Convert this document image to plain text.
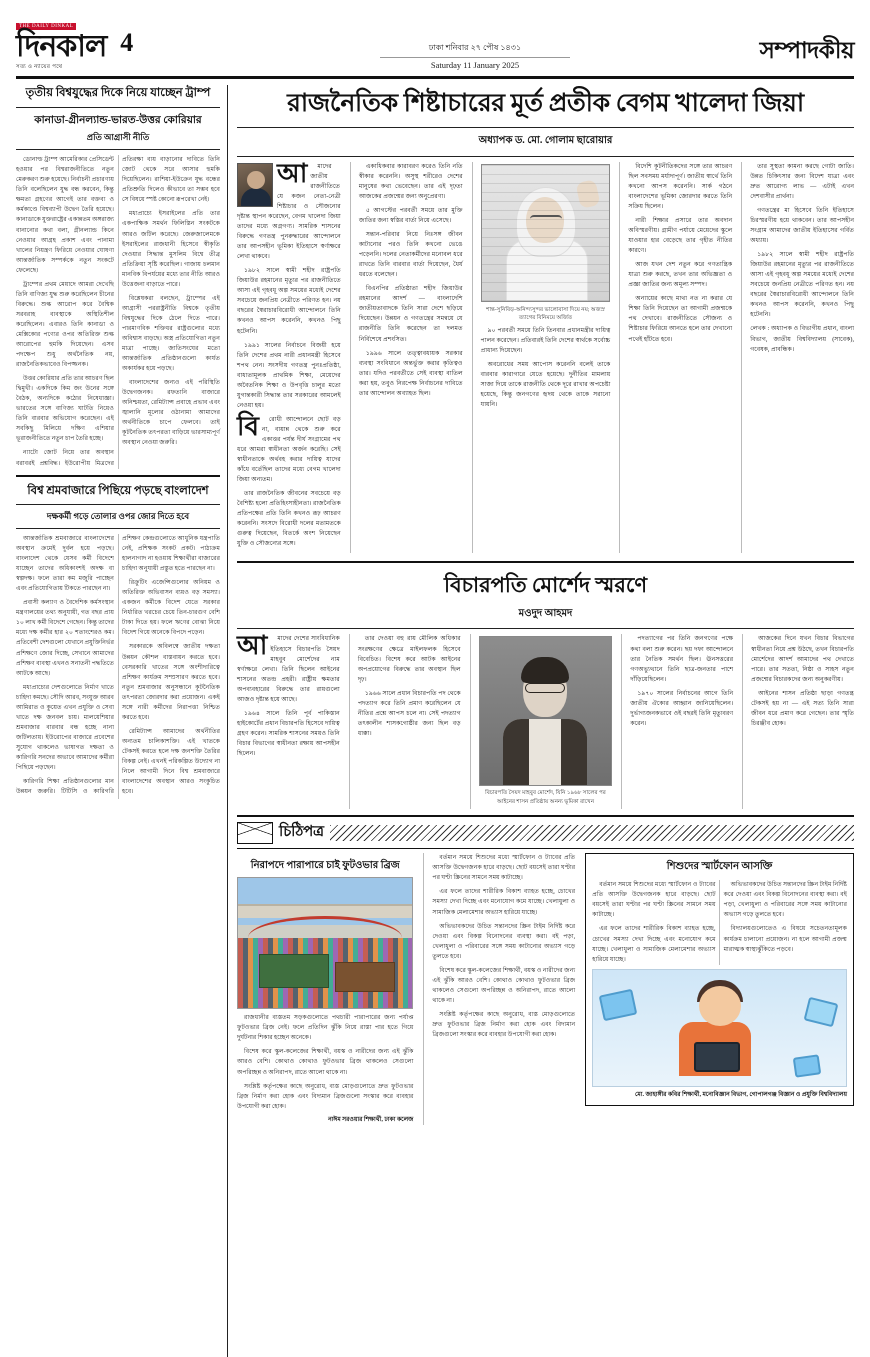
THE DAILY DINKAL
দিনকাল
সত্য ও ন্যায়ের পথে
4	ঢাকা শনিবার ২৭ পৌষ ১৪৩১
Saturday 11 January 2025
সম্পাদকীয়
তৃতীয় বিশ্বযুদ্ধের দিকে নিয়ে যাচ্ছেন ট্রাম্প
কানাডা-গ্রীনল্যান্ড-ভারত-উত্তর কোরিয়ার
প্রতি আগ্রাসী নীতি

ডোনাল্ড ট্রাম্প আমেরিকার প্রেসিডেন্ট হওয়ার পর বিশ্বরাজনীতিতে নতুন মেরুকরণ শুরু হয়েছে। নির্বাচনী প্রচারণায় তিনি বলেছিলেন যুদ্ধ বন্ধ করবেন, কিন্তু ক্ষমতা গ্রহণের আগেই তার বক্তব্য ও কর্মকাণ্ডে বিশ্বব্যাপী উদ্বেগ তৈরি হয়েছে। কানাডাকে যুক্তরাষ্ট্রের একান্নতম অঙ্গরাজ্য বানানোর কথা বলা, গ্রীনল্যান্ড কিনে নেওয়ার আগ্রহ প্রকাশ এবং পানামা খালের নিয়ন্ত্রণ ফিরিয়ে নেওয়ার ঘোষণা আন্তর্জাতিক সম্পর্ককে নতুন সংকটে ফেলেছে।

ট্রাম্পের প্রথম মেয়াদে আমরা দেখেছি তিনি বাণিজ্য যুদ্ধ শুরু করেছিলেন চীনের বিরুদ্ধে। শুল্ক আরোপ করে বৈশ্বিক সরবরাহ ব্যবস্থাকে অস্থিতিশীল করেছিলেন। এবারও তিনি কানাডা ও মেক্সিকোর পণ্যের ওপর অতিরিক্ত শুল্ক আরোপের হুমকি দিয়েছেন। এসব পদক্ষেপ শুধু অর্থনৈতিক নয়, রাজনৈতিকভাবেও বিপজ্জনক।

উত্তর কোরিয়ার প্রতি তার আচরণ ছিল দ্বিমুখী। একদিকে কিম জং উনের সঙ্গে বৈঠক, অন্যদিকে কঠোর নিষেধাজ্ঞা। ভারতের সঙ্গে বাণিজ্য ঘাটতি নিয়েও তিনি বারবার অভিযোগ করেছেন। এই সবকিছু মিলিয়ে দক্ষিণ এশিয়ার ভূরাজনীতিতে নতুন চাপ তৈরি হচ্ছে।

ন্যাটো জোট নিয়ে তার অবস্থান বরাবরই প্রশ্নবিদ্ধ। ইউরোপীয় মিত্রদের প্রতিরক্ষা ব্যয় বাড়ানোর দাবিতে তিনি জোট থেকে সরে আসার হুমকি দিয়েছিলেন। রাশিয়া-ইউক্রেন যুদ্ধ বন্ধের প্রতিশ্রুতি দিলেও কীভাবে তা সম্ভব হবে সে বিষয়ে স্পষ্ট কোনো রূপরেখা নেই।

মধ্যপ্রাচ্যে ইসরাইলের প্রতি তার একপাক্ষিক সমর্থন ফিলিস্তিন সংকটকে আরও জটিল করেছে। জেরুজালেমকে ইসরাইলের রাজধানী হিসেবে স্বীকৃতি দেওয়ার সিদ্ধান্ত মুসলিম বিশ্বে তীব্র প্রতিক্রিয়া সৃষ্টি করেছিল। গাজায় চলমান মানবিক বিপর্যয়ের মধ্যে তার নীতি আরও উত্তেজনা বাড়াতে পারে।

বিশ্লেষকরা বলছেন, ট্রাম্পের এই আগ্রাসী পররাষ্ট্রনীতি বিশ্বকে তৃতীয় বিশ্বযুদ্ধের দিকে ঠেলে দিতে পারে। পারমাণবিক শক্তিধর রাষ্ট্রগুলোর মধ্যে অবিশ্বাস বাড়ছে। অস্ত্র প্রতিযোগিতা নতুন মাত্রা পাচ্ছে। জাতিসংঘের মতো আন্তর্জাতিক প্রতিষ্ঠানগুলো কার্যত অকার্যকর হয়ে পড়ছে।

বাংলাদেশের জন্যও এই পরিস্থিতি উদ্বেগজনক। রফতানি বাজারে অনিশ্চয়তা, রেমিট্যান্স প্রবাহে প্রভাব এবং জ্বালানি মূল্যের ওঠানামা আমাদের অর্থনীতিকে চাপে ফেলবে। তাই কূটনৈতিক তৎপরতা বাড়িয়ে ভারসাম্যপূর্ণ অবস্থান নেওয়া জরুরি।

বিশ্ব শ্রমবাজারে পিছিয়ে পড়ছে বাংলাদেশ
দক্ষকর্মী গড়ে তোলার ওপর জোর দিতে হবে

আন্তর্জাতিক শ্রমবাজারে বাংলাদেশের অবস্থান ক্রমেই দুর্বল হয়ে পড়ছে। বাংলাদেশ থেকে যেসব কর্মী বিদেশে যাচ্ছেন তাদের অধিকাংশই অদক্ষ বা স্বল্পদক্ষ। ফলে তারা কম মজুরি পাচ্ছেন এবং প্রতিযোগিতায় টিকতে পারছেন না।

প্রবাসী কল্যাণ ও বৈদেশিক কর্মসংস্থান মন্ত্রণালয়ের তথ্য অনুযায়ী, গত বছর প্রায় ১০ লাখ কর্মী বিদেশে গেছেন। কিন্তু তাদের মধ্যে দক্ষ কর্মীর হার ২০ শতাংশেরও কম। প্রতিবেশী দেশগুলো যেখানে প্রযুক্তিনির্ভর প্রশিক্ষণে জোর দিচ্ছে, সেখানে আমাদের প্রশিক্ষণ ব্যবস্থা এখনও সনাতনী পদ্ধতিতে আটকে আছে।

মধ্যপ্রাচ্যের দেশগুলোতে নির্মাণ খাতে চাহিদা কমছে। সৌদি আরব, সংযুক্ত আরব আমিরাত ও কুয়েত এখন প্রযুক্তি ও সেবা খাতে দক্ষ জনবল চায়। মালয়েশিয়ার শ্রমবাজার বারবার বন্ধ হচ্ছে নানা জটিলতায়। ইউরোপের বাজারে প্রবেশের সুযোগ থাকলেও ভাষাগত দক্ষতা ও কারিগরি সনদের অভাবে আমাদের কর্মীরা পিছিয়ে পড়ছেন।

কারিগরি শিক্ষা প্রতিষ্ঠানগুলোর মান উন্নয়ন জরুরি। টিটিসি ও কারিগরি প্রশিক্ষণ কেন্দ্রগুলোতে আধুনিক যন্ত্রপাতি নেই, প্রশিক্ষক সংকট প্রকট। পাঠ্যক্রম হালনাগাদ না হওয়ায় শিক্ষার্থীরা বাজারের চাহিদা অনুযায়ী প্রস্তুত হতে পারছেন না।

রিক্রুটিং এজেন্সিগুলোর অনিয়ম ও অতিরিক্ত অভিবাসন ব্যয়ও বড় সমস্যা। একজন কর্মীকে বিদেশ যেতে সরকার নির্ধারিত খরচের চেয়ে তিন-চারগুণ বেশি টাকা দিতে হয়। ফলে ঋণের বোঝা নিয়ে বিদেশ গিয়ে অনেকে বিপদে পড়েন।

সরকারকে অবিলম্বে জাতীয় দক্ষতা উন্নয়ন কৌশল বাস্তবায়ন করতে হবে। বেসরকারি খাতের সঙ্গে অংশীদারিত্বে প্রশিক্ষণ কার্যক্রম সম্প্রসারণ করতে হবে। নতুন শ্রমবাজার অনুসন্ধানে কূটনৈতিক তৎপরতা জোরদার করা প্রয়োজন। একই সঙ্গে নারী কর্মীদের নিরাপত্তা নিশ্চিত করতে হবে।

রেমিট্যান্স আমাদের অর্থনীতির অন্যতম চালিকাশক্তি। এই খাতকে টেকসই করতে হলে দক্ষ জনশক্তি তৈরির বিকল্প নেই। এখনই পরিকল্পিত উদ্যোগ না নিলে আগামী দিনে বিশ্ব শ্রমবাজারে বাংলাদেশের অবস্থান আরও সংকুচিত হবে।

রাজনৈতিক শিষ্টাচারের মূর্ত প্রতীক বেগম খালেদা জিয়া
অধ্যাপক ড. মো. গোলাম ছারোয়ার
আ	মাদের জাতীয় রাজনীতিতে যে কজন নেতা-নেত্রী শিষ্টাচার ও সৌজন্যের দৃষ্টান্ত স্থাপন করেছেন, বেগম খালেদা জিয়া তাদের মধ্যে অগ্রগণ্য। সামরিক শাসনের বিরুদ্ধে গণতন্ত্র পুনরুদ্ধারের আন্দোলনে তার আপসহীন ভূমিকা ইতিহাসে স্বর্ণাক্ষরে লেখা থাকবে।

১৯৮২ সালে স্বামী শহীদ রাষ্ট্রপতি জিয়াউর রহমানের মৃত্যুর পর রাজনীতিতে আসা এই গৃহবধূ অল্প সময়ের মধ্যেই দেশের সবচেয়ে জনপ্রিয় নেত্রীতে পরিণত হন। নয় বছরের স্বৈরাচারবিরোধী আন্দোলনে তিনি কখনও আপস করেননি, কখনও পিছু হটেননি।

১৯৯১ সালের নির্বাচনে বিজয়ী হয়ে তিনি দেশের প্রথম নারী প্রধানমন্ত্রী হিসেবে শপথ নেন। সংসদীয় গণতন্ত্র পুনঃপ্রতিষ্ঠা, বাধ্যতামূলক প্রাথমিক শিক্ষা, মেয়েদের অবৈতনিক শিক্ষা ও উপবৃত্তি চালুর মতো যুগান্তকারী সিদ্ধান্ত তার সরকারের আমলেই নেওয়া হয়।

বি	রোধী আন্দোলনে ছোট বড় না, বায়ান্ন থেকে শুরু করে একাত্তর পর্যন্ত দীর্ঘ সংগ্রামের পথ ধরে আমরা স্বাধীনতা অর্জন করেছি। সেই স্বাধীনতাকে অর্থবহ করার দায়িত্ব যাদের কাঁধে বর্তেছিল তাদের মধ্যে বেগম খালেদা জিয়া অন্যতম।

তার রাজনৈতিক জীবনের সবচেয়ে বড় বৈশিষ্ট্য হলো প্রতিহিংসাহীনতা। রাজনৈতিক প্রতিপক্ষের প্রতি তিনি কখনও রূঢ় আচরণ করেননি। সংসদে বিরোধী দলের মতামতকে গুরুত্ব দিয়েছেন, বিতর্কে অংশ নিয়েছেন যুক্তি ও সৌজন্যের সঙ্গে।

একাধিকবার কারাবরণ করেও তিনি নতি স্বীকার করেননি। অসুস্থ শরীরেও দেশের মানুষের কথা ভেবেছেন। তার এই দৃঢ়তা আজকের প্রজন্মের জন্য অনুপ্রেরণা।

৫ আগস্টের পরবর্তী সময়ে তার মুক্তি জাতির জন্য স্বস্তির বার্তা নিয়ে এসেছে।

সন্তান-পরিবার নিয়ে নিঃসঙ্গ জীবন কাটানোর পরও তিনি কখনো ভেঙে পড়েননি। দলের নেতাকর্মীদের মনোবল ধরে রাখতে তিনি বারবার বার্তা দিয়েছেন, ধৈর্য ধরতে বলেছেন।

বিএনপির প্রতিষ্ঠাতা শহীদ জিয়াউর রহমানের আদর্শ — বাংলাদেশি জাতীয়তাবাদকে তিনি সারা দেশে ছড়িয়ে দিয়েছেন। উন্নয়ন ও গণতন্ত্রের সমন্বয়ে যে রাজনীতি তিনি করেছেন তা দলমত নির্বিশেষে প্রশংসিত।

১৯৯৬ সালে তত্ত্বাবধায়ক সরকার ব্যবস্থা সংবিধানে অন্তর্ভুক্ত করার কৃতিত্বও তার। যদিও পরবর্তীতে সেই ব্যবস্থা বাতিল করা হয়, তবুও নিরপেক্ষ নির্বাচনের দাবিতে তার আন্দোলন অব্যাহত ছিল।

শান্ত-সুনিবিড়-অনিন্দ্যসুন্দর ভালোবাসা দিয়ে নয়; অজস্র ত্যাগের বিনিময়ে অর্জিত

৯০ পরবর্তী সময়ে তিনি তিনবার প্রধানমন্ত্রীর দায়িত্ব পালন করেছেন। প্রতিবারই তিনি দেশের স্বার্থকে সর্বোচ্চ প্রাধান্য দিয়েছেন।

অবরোধের সময় আপোস করেননি বলেই তাকে বারবার কারাগারে যেতে হয়েছে। দুর্নীতির মামলায় সাজা দিয়ে তাকে রাজনীতি থেকে দূরে রাখার অপচেষ্টা হয়েছে, কিন্তু জনগণের হৃদয় থেকে তাকে সরানো যায়নি।

বিদেশি কূটনীতিকদের সঙ্গে তার আচরণ ছিল সবসময় মর্যাদাপূর্ণ। জাতীয় স্বার্থে তিনি কখনো আপস করেননি। সার্ক গঠনে বাংলাদেশের ভূমিকা জোরদার করতে তিনি সক্রিয় ছিলেন।

নারী শিক্ষার প্রসারে তার অবদান অবিস্মরণীয়। গ্রামীণ পর্যায়ে মেয়েদের স্কুলে যাওয়ার হার বেড়েছে তার গৃহীত নীতির কারণে।

আজ যখন দেশ নতুন করে গণতান্ত্রিক যাত্রা শুরু করছে, তখন তার অভিজ্ঞতা ও প্রজ্ঞা জাতির জন্য অমূল্য সম্পদ।

অন্যায়ের কাছে মাথা নত না করার যে শিক্ষা তিনি দিয়েছেন তা আগামী প্রজন্মকে পথ দেখাবে। রাজনীতিতে সৌজন্য ও শিষ্টাচার ফিরিয়ে আনতে হলে তার দেখানো পথেই হাঁটতে হবে।

তার সুস্থতা কামনা করছে গোটা জাতি। উন্নত চিকিৎসার জন্য বিদেশ যাত্রা এবং দ্রুত আরোগ্য লাভ — এটাই এখন দেশবাসীর প্রার্থনা।

গণতন্ত্রের মা হিসেবে তিনি ইতিহাসে চিরস্মরণীয় হয়ে থাকবেন। তার আপসহীন সংগ্রাম আমাদের জাতীয় ইতিহাসের গর্বিত অধ্যায়।

১৯৮২ সালে স্বামী শহীদ রাষ্ট্রপতি জিয়াউর রহমানের মৃত্যুর পর রাজনীতিতে আসা এই গৃহবধূ অল্প সময়ের মধ্যেই দেশের সবচেয়ে জনপ্রিয় নেত্রীতে পরিণত হন। নয় বছরের স্বৈরাচারবিরোধী আন্দোলনে তিনি কখনও আপস করেননি, কখনও পিছু হটেননি।

লেখক : অধ্যাপক ও বিভাগীয় প্রধান, বাংলা বিভাগ, জাতীয় বিশ্ববিদ্যালয় (সাবেক), গবেষক, প্রাবন্ধিক।

বিচারপতি মোর্শেদ স্মরণে
মওদুদ আহমদ
আ	মাদের দেশের সাংবিধানিক ইতিহাসে বিচারপতি সৈয়দ মাহবুব মোর্শেদের নাম স্বর্ণাক্ষরে লেখা। তিনি ছিলেন আইনের শাসনের অতন্দ্র প্রহরী। রাষ্ট্রীয় ক্ষমতার অপব্যবহারের বিরুদ্ধে তার রায়গুলো আজও দৃষ্টান্ত হয়ে আছে।

১৯৬৪ সালে তিনি পূর্ব পাকিস্তান হাইকোর্টের প্রধান বিচারপতি হিসেবে দায়িত্ব গ্রহণ করেন। সামরিক শাসনের সময়ও তিনি বিচার বিভাগের স্বাধীনতা রক্ষায় আপসহীন ছিলেন।

তার দেওয়া বহু রায় মৌলিক অধিকার সংরক্ষণের ক্ষেত্রে মাইলফলক হিসেবে বিবেচিত। বিশেষ করে আটক আইনের অপপ্রয়োগের বিরুদ্ধে তার অবস্থান ছিল দৃঢ়।

১৯৬৬ সালে প্রধান বিচারপতি পদ থেকে পদত্যাগ করে তিনি প্রমাণ করেছিলেন যে নীতির প্রশ্নে আপস চলে না। সেই পদত্যাগ তৎকালীন শাসকগোষ্ঠীর জন্য ছিল বড় ধাক্কা।

বিচারপতি সৈয়দ মাহবুব মোর্শেদ, যিনি ১৯৬৮ সালের পর আইনের শাসন প্রতিষ্ঠায় অনন্য ভূমিকা রাখেন

পদত্যাগের পর তিনি জনগণের পক্ষে কথা বলা শুরু করেন। ছয় দফা আন্দোলনে তার নৈতিক সমর্থন ছিল। ঊনসত্তরের গণঅভ্যুত্থানে তিনি ছাত্র-জনতার পাশে দাঁড়িয়েছিলেন।

১৯৭০ সালের নির্বাচনের আগে তিনি জাতীয় ঐক্যের আহ্বান জানিয়েছিলেন। দুর্ভাগ্যজনকভাবে ওই বছরই তিনি মৃত্যুবরণ করেন।

আজকের দিনে যখন বিচার বিভাগের স্বাধীনতা নিয়ে প্রশ্ন উঠছে, তখন বিচারপতি মোর্শেদের আদর্শ আমাদের পথ দেখাতে পারে। তার সততা, নিষ্ঠা ও সাহস নতুন প্রজন্মের বিচারকদের জন্য অনুকরণীয়।

আইনের শাসন প্রতিষ্ঠা ছাড়া গণতন্ত্র টেকসই হয় না — এই সত্য তিনি সারা জীবন ধরে প্রমাণ করে গেছেন। তার স্মৃতি চিরঞ্জীব হোক।

চিঠিপত্র
নিরাপদে পারাপারে চাই ফুটওভার ব্রিজ

রাজধানীর ব্যস্ততম সড়কগুলোতে পথচারী পারাপারের জন্য পর্যাপ্ত ফুটওভার ব্রিজ নেই। ফলে প্রতিদিন ঝুঁকি নিয়ে রাস্তা পার হতে গিয়ে দুর্ঘটনার শিকার হচ্ছেন অনেকে।

বিশেষ করে স্কুল-কলেজের শিক্ষার্থী, বয়স্ক ও নারীদের জন্য এই ঝুঁকি আরও বেশি। কোথাও কোথাও ফুটওভার ব্রিজ থাকলেও সেগুলো অপরিচ্ছন্ন ও অনিরাপদ, রাতে আলো থাকে না।

সংশ্লিষ্ট কর্তৃপক্ষের কাছে অনুরোধ, ব্যস্ত মোড়গুলোতে দ্রুত ফুটওভার ব্রিজ নির্মাণ করা হোক এবং বিদ্যমান ব্রিজগুলো সংস্কার করে ব্যবহার উপযোগী করা হোক।

নাঈম সরওয়ার শিক্ষার্থী, ঢাকা কলেজ

বর্তমান সময়ে শিশুদের মধ্যে স্মার্টফোন ও ট্যাবের প্রতি আসক্তি উদ্বেগজনক হারে বাড়ছে। ছোট বয়সেই তারা ঘণ্টার পর ঘণ্টা স্ক্রিনের সামনে সময় কাটাচ্ছে।

এর ফলে তাদের শারীরিক বিকাশ ব্যাহত হচ্ছে, চোখের সমস্যা দেখা দিচ্ছে এবং মনোযোগ কমে যাচ্ছে। খেলাধুলা ও সামাজিক মেলামেশার অভ্যাস হারিয়ে যাচ্ছে।

অভিভাবকদের উচিত সন্তানদের স্ক্রিন টাইম নির্দিষ্ট করে দেওয়া এবং বিকল্প বিনোদনের ব্যবস্থা করা। বই পড়া, খেলাধুলা ও পরিবারের সঙ্গে সময় কাটানোর অভ্যাস গড়ে তুলতে হবে।

বিশেষ করে স্কুল-কলেজের শিক্ষার্থী, বয়স্ক ও নারীদের জন্য এই ঝুঁকি আরও বেশি। কোথাও কোথাও ফুটওভার ব্রিজ থাকলেও সেগুলো অপরিচ্ছন্ন ও অনিরাপদ, রাতে আলো থাকে না।

সংশ্লিষ্ট কর্তৃপক্ষের কাছে অনুরোধ, ব্যস্ত মোড়গুলোতে দ্রুত ফুটওভার ব্রিজ নির্মাণ করা হোক এবং বিদ্যমান ব্রিজগুলো সংস্কার করে ব্যবহার উপযোগী করা হোক।

শিশুদের স্মার্টফোন আসক্তি

বর্তমান সময়ে শিশুদের মধ্যে স্মার্টফোন ও ট্যাবের প্রতি আসক্তি উদ্বেগজনক হারে বাড়ছে। ছোট বয়সেই তারা ঘণ্টার পর ঘণ্টা স্ক্রিনের সামনে সময় কাটাচ্ছে।

এর ফলে তাদের শারীরিক বিকাশ ব্যাহত হচ্ছে, চোখের সমস্যা দেখা দিচ্ছে এবং মনোযোগ কমে যাচ্ছে। খেলাধুলা ও সামাজিক মেলামেশার অভ্যাস হারিয়ে যাচ্ছে।

অভিভাবকদের উচিত সন্তানদের স্ক্রিন টাইম নির্দিষ্ট করে দেওয়া এবং বিকল্প বিনোদনের ব্যবস্থা করা। বই পড়া, খেলাধুলা ও পরিবারের সঙ্গে সময় কাটানোর অভ্যাস গড়ে তুলতে হবে।

বিদ্যালয়গুলোতেও এ বিষয়ে সচেতনতামূলক কার্যক্রম চালানো প্রয়োজন। না হলে আগামী প্রজন্ম মারাত্মক স্বাস্থ্যঝুঁকিতে পড়বে।

মো. জাহাঙ্গীর কবির শিক্ষার্থী, মনোবিজ্ঞান বিভাগ, গোপালগঞ্জ বিজ্ঞান ও প্রযুক্তি বিশ্ববিদ্যালয়
